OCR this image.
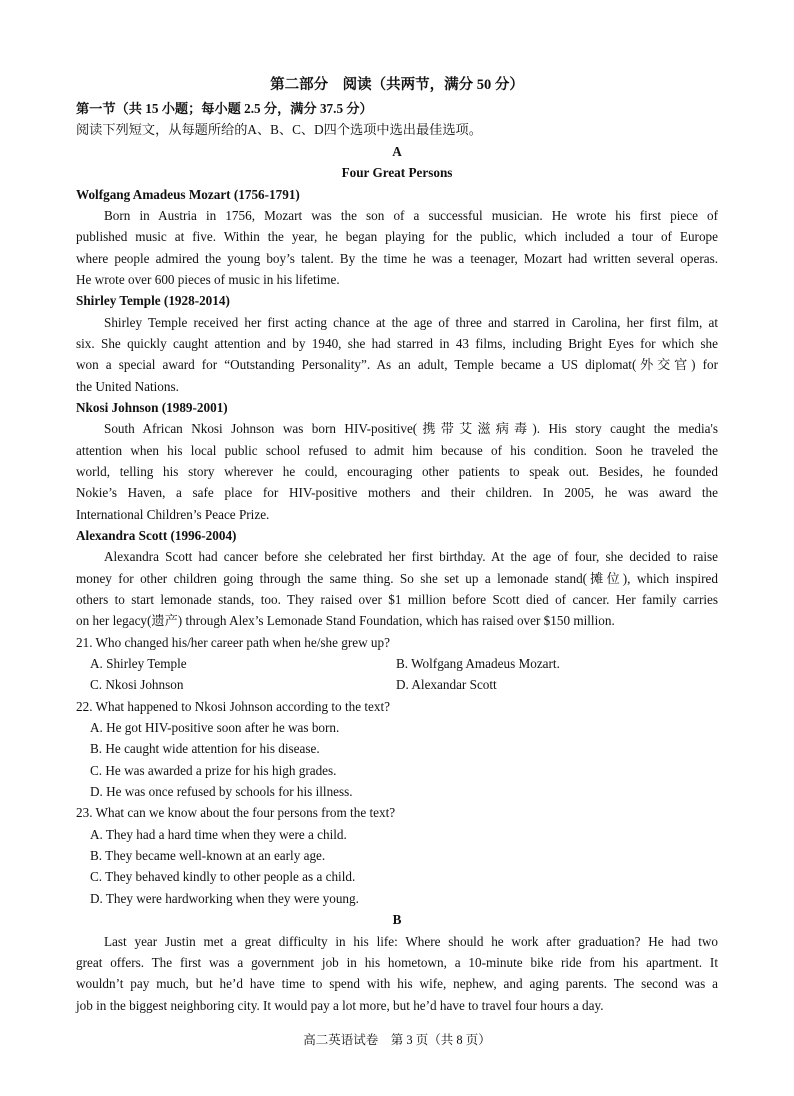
第二部分　阅读（共两节，满分 50 分）
第一节（共 15 小题；每小题 2.5 分，满分 37.5 分）
阅读下列短文，从每题所给的A、B、C、D四个选项中选出最佳选项。
A
Four Great Persons
Wolfgang Amadeus Mozart (1756-1791)
Born in Austria in 1756, Mozart was the son of a successful musician. He wrote his first piece of
published music at five. Within the year, he began playing for the public, which included a tour of Europe
where people admired the young boy’s talent. By the time he was a teenager, Mozart had written several operas.
He wrote over 600 pieces of music in his lifetime.
Shirley Temple (1928-2014)
Shirley Temple received her first acting chance at the age of three and starred in Carolina, her first film, at
six. She quickly caught attention and by 1940, she had starred in 43 films, including Bright Eyes for which she
won a special award for “Outstanding Personality”. As an adult, Temple became a US diplomat(外交官) for
the United Nations.
Nkosi Johnson (1989-2001)
South African Nkosi Johnson was born HIV-positive(携带艾滋病毒). His story caught the media's
attention when his local public school refused to admit him because of his condition. Soon he traveled the
world, telling his story wherever he could, encouraging other patients to speak out. Besides, he founded
Nokie’s Haven, a safe place for HIV-positive mothers and their children. In 2005, he was award the
International Children’s Peace Prize.
Alexandra Scott (1996-2004)
Alexandra Scott had cancer before she celebrated her first birthday. At the age of four, she decided to raise
money for other children going through the same thing. So she set up a lemonade stand(摊位), which inspired
others to start lemonade stands, too. They raised over $1 million before Scott died of cancer. Her family carries
on her legacy(遗产) through Alex’s Lemonade Stand Foundation, which has raised over $150 million.
21. Who changed his/her career path when he/she grew up?
A. Shirley Temple	B. Wolfgang Amadeus Mozart.
C. Nkosi Johnson	D. Alexandar Scott
22. What happened to Nkosi Johnson according to the text?
A. He got HIV-positive soon after he was born.
B. He caught wide attention for his disease.
C. He was awarded a prize for his high grades.
D. He was once refused by schools for his illness.
23. What can we know about the four persons from the text?
A. They had a hard time when they were a child.
B. They became well-known at an early age.
C. They behaved kindly to other people as a child.
D. They were hardworking when they were young.
B
Last year Justin met a great difficulty in his life: Where should he work after graduation? He had two
great offers. The first was a government job in his hometown, a 10-minute bike ride from his apartment. It
wouldn’t pay much, but he’d have time to spend with his wife, nephew, and aging parents. The second was a
job in the biggest neighboring city. It would pay a lot more, but he’d have to travel four hours a day.
高二英语试卷　第 3 页（共 8 页）
